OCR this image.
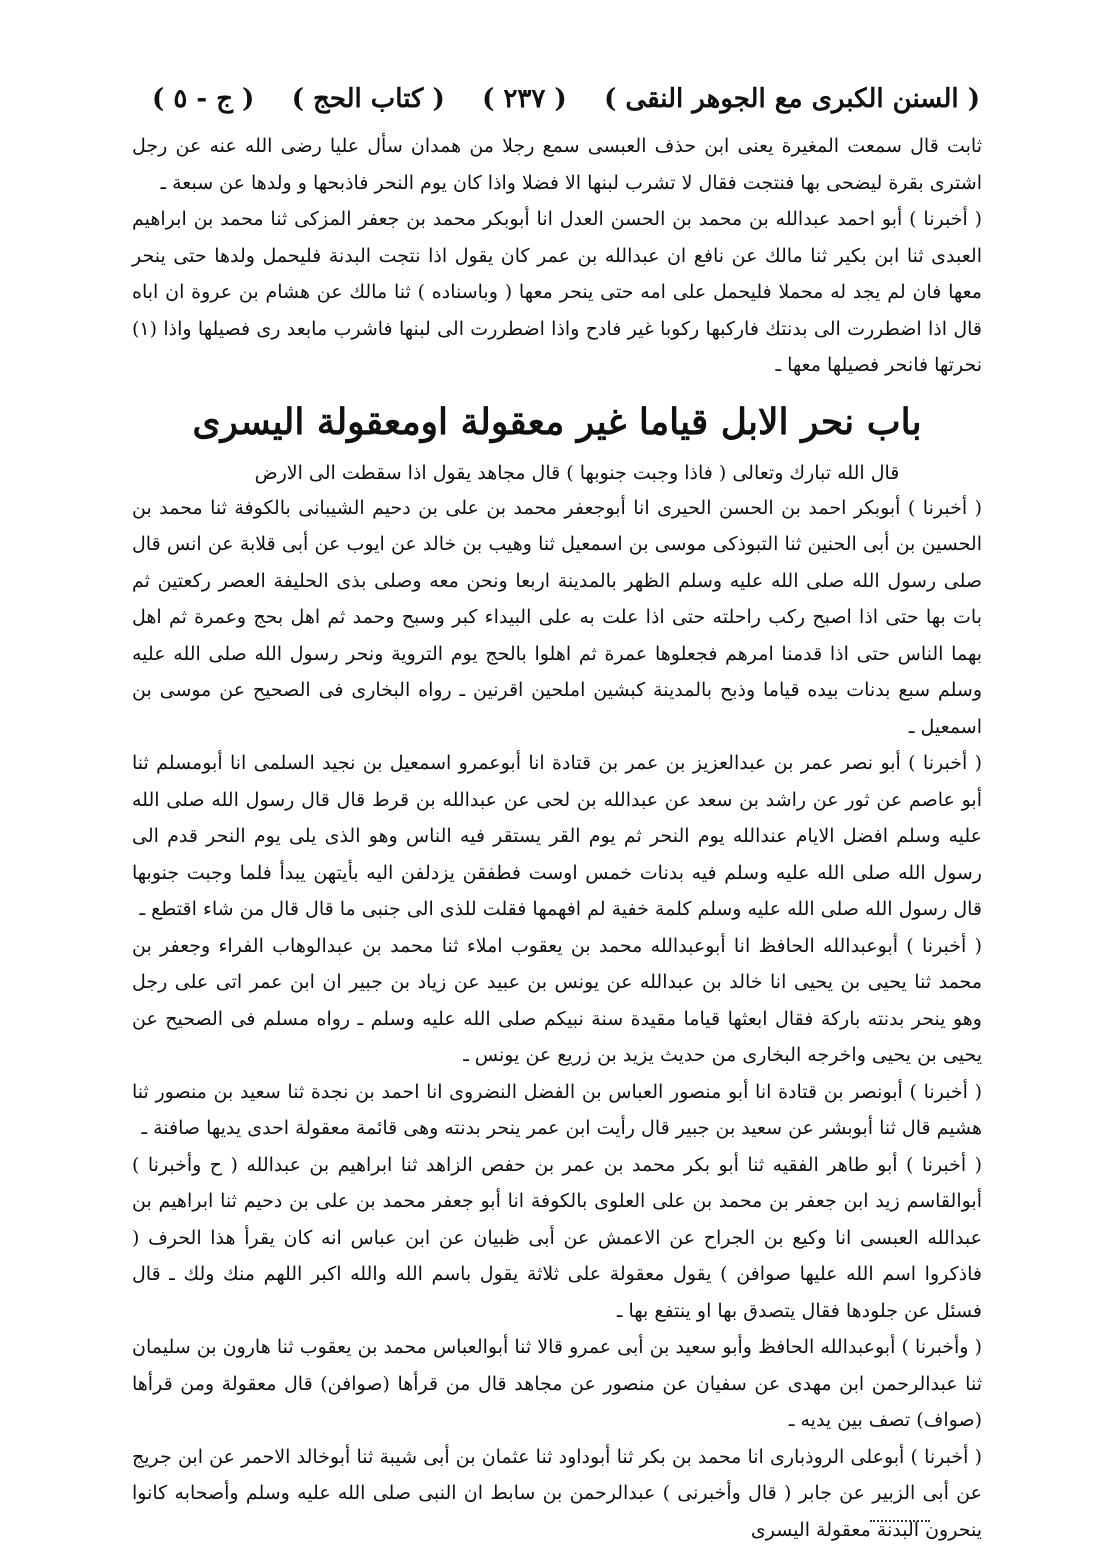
( السنن الكبرى مع الجوهر النقى )
( ٢٣٧ )
( كتاب الحج )
( ج - ٥ )

ثابت قال سمعت المغيرة يعنى ابن حذف العبسى سمع رجلا من همدان سأل عليا رضى الله عنه عن رجل اشترى بقرة ليضحى بها فنتجت فقال لا تشرب لبنها الا فضلا واذا كان يوم النحر فاذبحها و ولدها عن سبعة ـ

( أخبرنا ) أبو احمد عبدالله بن محمد بن الحسن العدل انا أبوبكر محمد بن جعفر المزكى ثنا محمد بن ابراهيم العبدى ثنا ابن بكير ثنا مالك عن نافع ان عبدالله بن عمر كان يقول اذا نتجت البدنة فليحمل ولدها حتى ينحر معها فان لم يجد له محملا فليحمل على امه حتى ينحر معها ( وباسناده ) ثنا مالك عن هشام بن عروة ان اباه قال اذا اضطررت الى بدنتك فاركبها ركوبا غير فادح واذا اضطررت الى لبنها فاشرب مابعد رى فصيلها واذا (١) نحرتها فانحر فصيلها معها ـ

باب نحر الابل قياما غير معقولة اومعقولة اليسرى
قال الله تبارك وتعالى ( فاذا وجبت جنوبها ) قال مجاهد يقول اذا سقطت الى الارض

( أخبرنا ) أبوبكر احمد بن الحسن الحيرى انا أبوجعفر محمد بن على بن دحيم الشيبانى بالكوفة ثنا محمد بن الحسين بن أبى الحنين ثنا التبوذكى موسى بن اسمعيل ثنا وهيب بن خالد عن ايوب عن أبى قلابة عن انس قال صلى رسول الله صلى الله عليه وسلم الظهر بالمدينة اربعا ونحن معه وصلى بذى الحليفة العصر ركعتين ثم بات بها حتى اذا اصبح ركب راحلته حتى اذا علت به على البيداء كبر وسبح وحمد ثم اهل بحج وعمرة ثم اهل بهما الناس حتى اذا قدمنا امرهم فجعلوها عمرة ثم اهلوا بالحج يوم التروية ونحر رسول الله صلى الله عليه وسلم سبع بدنات بيده قياما وذبح بالمدينة كبشين املحين اقرنين ـ رواه البخارى فى الصحيح عن موسى بن اسمعيل ـ

( أخبرنا ) أبو نصر عمر بن عبدالعزيز بن عمر بن قتادة انا أبوعمرو اسمعيل بن نجيد السلمى انا أبومسلم ثنا أبو عاصم عن ثور عن راشد بن سعد عن عبدالله بن لحى عن عبدالله بن قرط قال قال رسول الله صلى الله عليه وسلم افضل الايام عندالله يوم النحر ثم يوم القر يستقر فيه الناس وهو الذى يلى يوم النحر قدم الى رسول الله صلى الله عليه وسلم فيه بدنات خمس اوست فطفقن يزدلفن اليه بأيتهن يبدأ فلما وجبت جنوبها قال رسول الله صلى الله عليه وسلم كلمة خفية لم افهمها فقلت للذى الى جنبى ما قال قال من شاء اقتطع ـ

( أخبرنا ) أبوعبدالله الحافظ انا أبوعبدالله محمد بن يعقوب املاء ثنا محمد بن عبدالوهاب الفراء وجعفر بن محمد ثنا يحيى بن يحيى انا خالد بن عبدالله عن يونس بن عبيد عن زياد بن جبير ان ابن عمر اتى على رجل وهو ينحر بدنته باركة فقال ابعثها قياما مقيدة سنة نبيكم صلى الله عليه وسلم ـ رواه مسلم فى الصحيح عن يحيى بن يحيى واخرجه البخارى من حديث يزيد بن زريع عن يونس ـ

( أخبرنا ) أبونصر بن قتادة انا أبو منصور العباس بن الفضل النضروى انا احمد بن نجدة ثنا سعيد بن منصور ثنا هشيم قال ثنا أبوبشر عن سعيد بن جبير قال رأيت ابن عمر ينحر بدنته وهى قائمة معقولة احدى يديها صافنة ـ

( أخبرنا ) أبو طاهر الفقيه ثنا أبو بكر محمد بن عمر بن حفص الزاهد ثنا ابراهيم بن عبدالله ( ح وأخبرنا ) أبوالقاسم زيد ابن جعفر بن محمد بن على العلوى بالكوفة انا أبو جعفر محمد بن على بن دحيم ثنا ابراهيم بن عبدالله العبسى انا وكيع بن الجراح عن الاعمش عن أبى ظبيان عن ابن عباس انه كان يقرأ هذا الحرف ( فاذكروا اسم الله عليها صوافن ) يقول معقولة على ثلاثة يقول باسم الله والله اكبر اللهم منك ولك ـ قال فسئل عن جلودها فقال يتصدق بها او ينتفع بها ـ

( وأخبرنا ) أبوعبدالله الحافظ وأبو سعيد بن أبى عمرو قالا ثنا أبوالعباس محمد بن يعقوب ثنا هارون بن سليمان ثنا عبدالرحمن ابن مهدى عن سفيان عن منصور عن مجاهد قال من قرأها (صوافن) قال معقولة ومن قرأها (صواف) تصف بين يديه ـ

( أخبرنا ) أبوعلى الروذبارى انا محمد بن بكر ثنا أبوداود ثنا عثمان بن أبى شيبة ثنا أبوخالد الاحمر عن ابن جريج عن أبى الزبير عن جابر ( قال وأخبرنى ) عبدالرحمن بن سابط ان النبى صلى الله عليه وسلم وأصحابه كانوا ينحرون البدنة معقولة اليسرى
